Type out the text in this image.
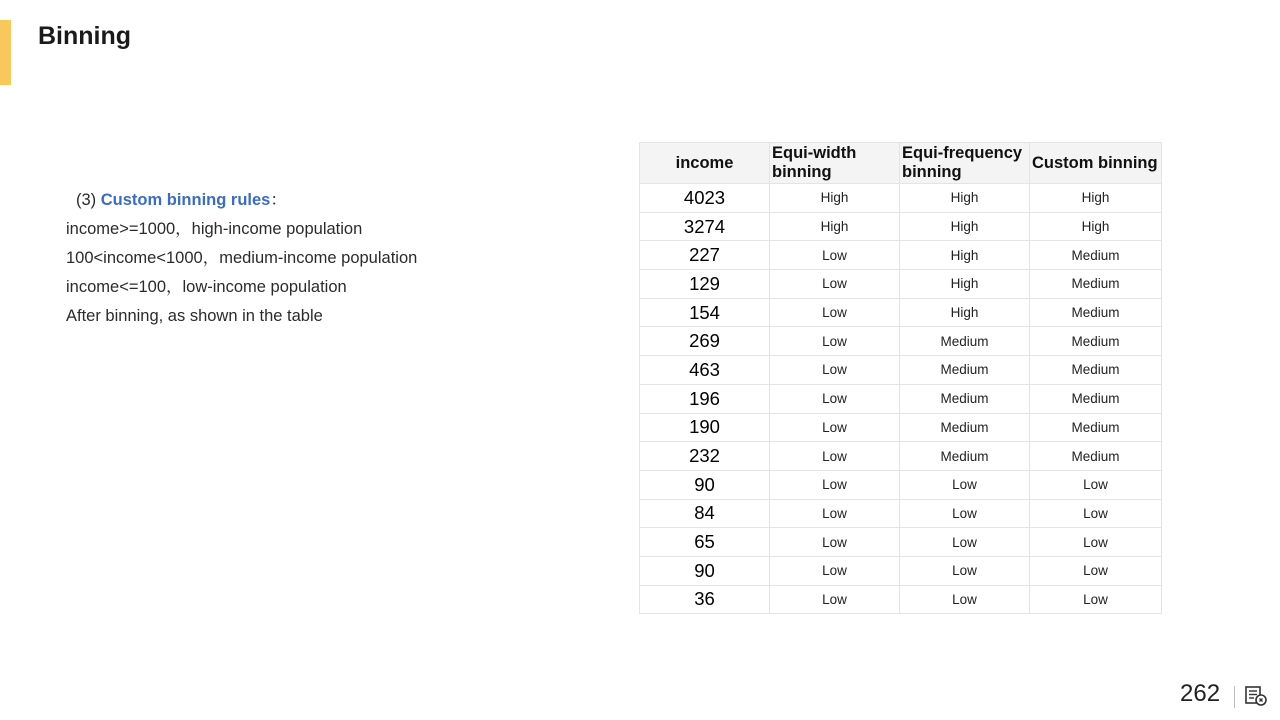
Binning
(3) Custom binning rules：
income>=1000，high-income population
100<income<1000，medium-income population
income<=100，low-income population
After binning, as shown in the table
income	Equi-width binning	Equi-frequency binning	Custom binning
4023	High	High	High
3274	High	High	High
227	Low	High	Medium
129	Low	High	Medium
154	Low	High	Medium
269	Low	Medium	Medium
463	Low	Medium	Medium
196	Low	Medium	Medium
190	Low	Medium	Medium
232	Low	Medium	Medium
90	Low	Low	Low
84	Low	Low	Low
65	Low	Low	Low
90	Low	Low	Low
36	Low	Low	Low
262
